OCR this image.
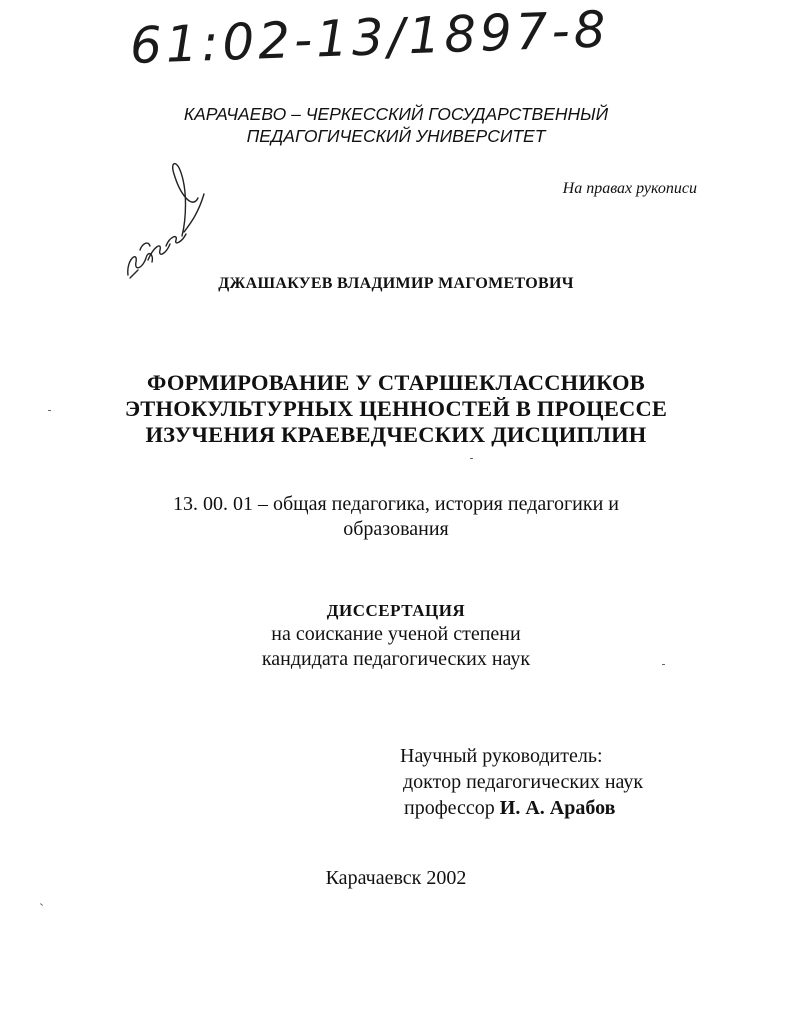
61:02-13/1897-8
КАРАЧАЕВО – ЧЕРКЕССКИЙ ГОСУДАРСТВЕННЫЙ
ПЕДАГОГИЧЕСКИЙ УНИВЕРСИТЕТ
На правах рукописи
ДЖАШАКУЕВ ВЛАДИМИР МАГОМЕТОВИЧ
ФОРМИРОВАНИЕ У СТАРШЕКЛАССНИКОВ
ЭТНОКУЛЬТУРНЫХ ЦЕННОСТЕЙ В ПРОЦЕССЕ
ИЗУЧЕНИЯ КРАЕВЕДЧЕСКИХ ДИСЦИПЛИН
13. 00. 01 – общая педагогика, история педагогики и
образования
ДИССЕРТАЦИЯ
на соискание ученой степени
кандидата педагогических наук
Научный руководитель:
доктор педагогических наук
профессор И. А. Арабов
Карачаевск 2002
